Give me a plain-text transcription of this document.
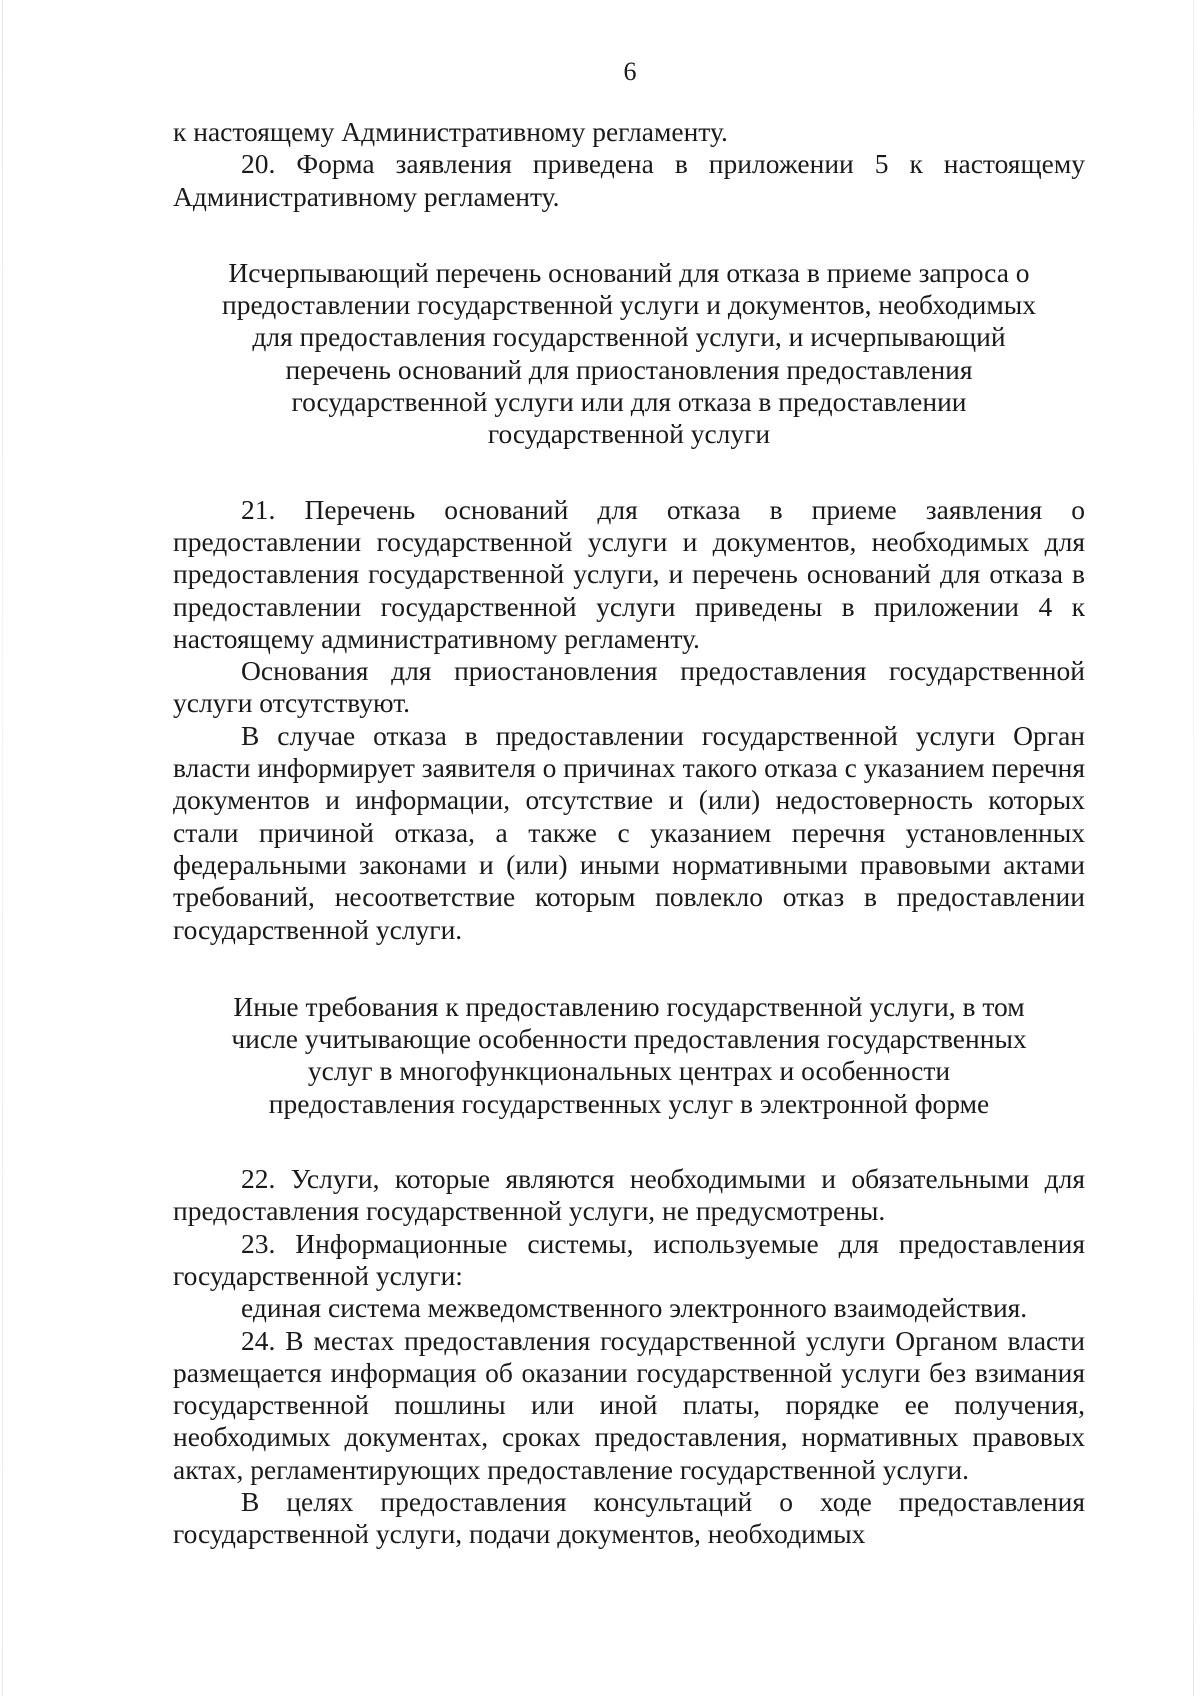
6

к настоящему Административному регламенту.

20. Форма заявления приведена в приложении 5 к настоящему Административному регламенту.

Исчерпывающий перечень оснований для отказа в приеме запроса о предоставлении государственной услуги и документов, необходимых для предоставления государственной услуги, и исчерпывающий перечень оснований для приостановления предоставления государственной услуги или для отказа в предоставлении государственной услуги

21. Перечень оснований для отказа в приеме заявления о предоставлении государственной услуги и документов, необходимых для предоставления государственной услуги, и перечень оснований для отказа в предоставлении государственной услуги приведены в приложении 4 к настоящему административному регламенту.

Основания для приостановления предоставления государственной услуги отсутствуют.

В случае отказа в предоставлении государственной услуги Орган власти информирует заявителя о причинах такого отказа с указанием перечня документов и информации, отсутствие и (или) недостоверность которых стали причиной отказа, а также с указанием перечня установленных федеральными законами и (или) иными нормативными правовыми актами требований, несоответствие которым повлекло отказ в предоставлении государственной услуги.

Иные требования к предоставлению государственной услуги, в том числе учитывающие особенности предоставления государственных услуг в многофункциональных центрах и особенности предоставления государственных услуг в электронной форме

22. Услуги, которые являются необходимыми и обязательными для предоставления государственной услуги, не предусмотрены.

23. Информационные системы, используемые для предоставления государственной услуги:

единая система межведомственного электронного взаимодействия.

24. В местах предоставления государственной услуги Органом власти размещается информация об оказании государственной услуги без взимания государственной пошлины или иной платы, порядке ее получения, необходимых документах, сроках предоставления, нормативных правовых актах, регламентирующих предоставление государственной услуги.

В целях предоставления консультаций о ходе предоставления государственной услуги, подачи документов, необходимых
